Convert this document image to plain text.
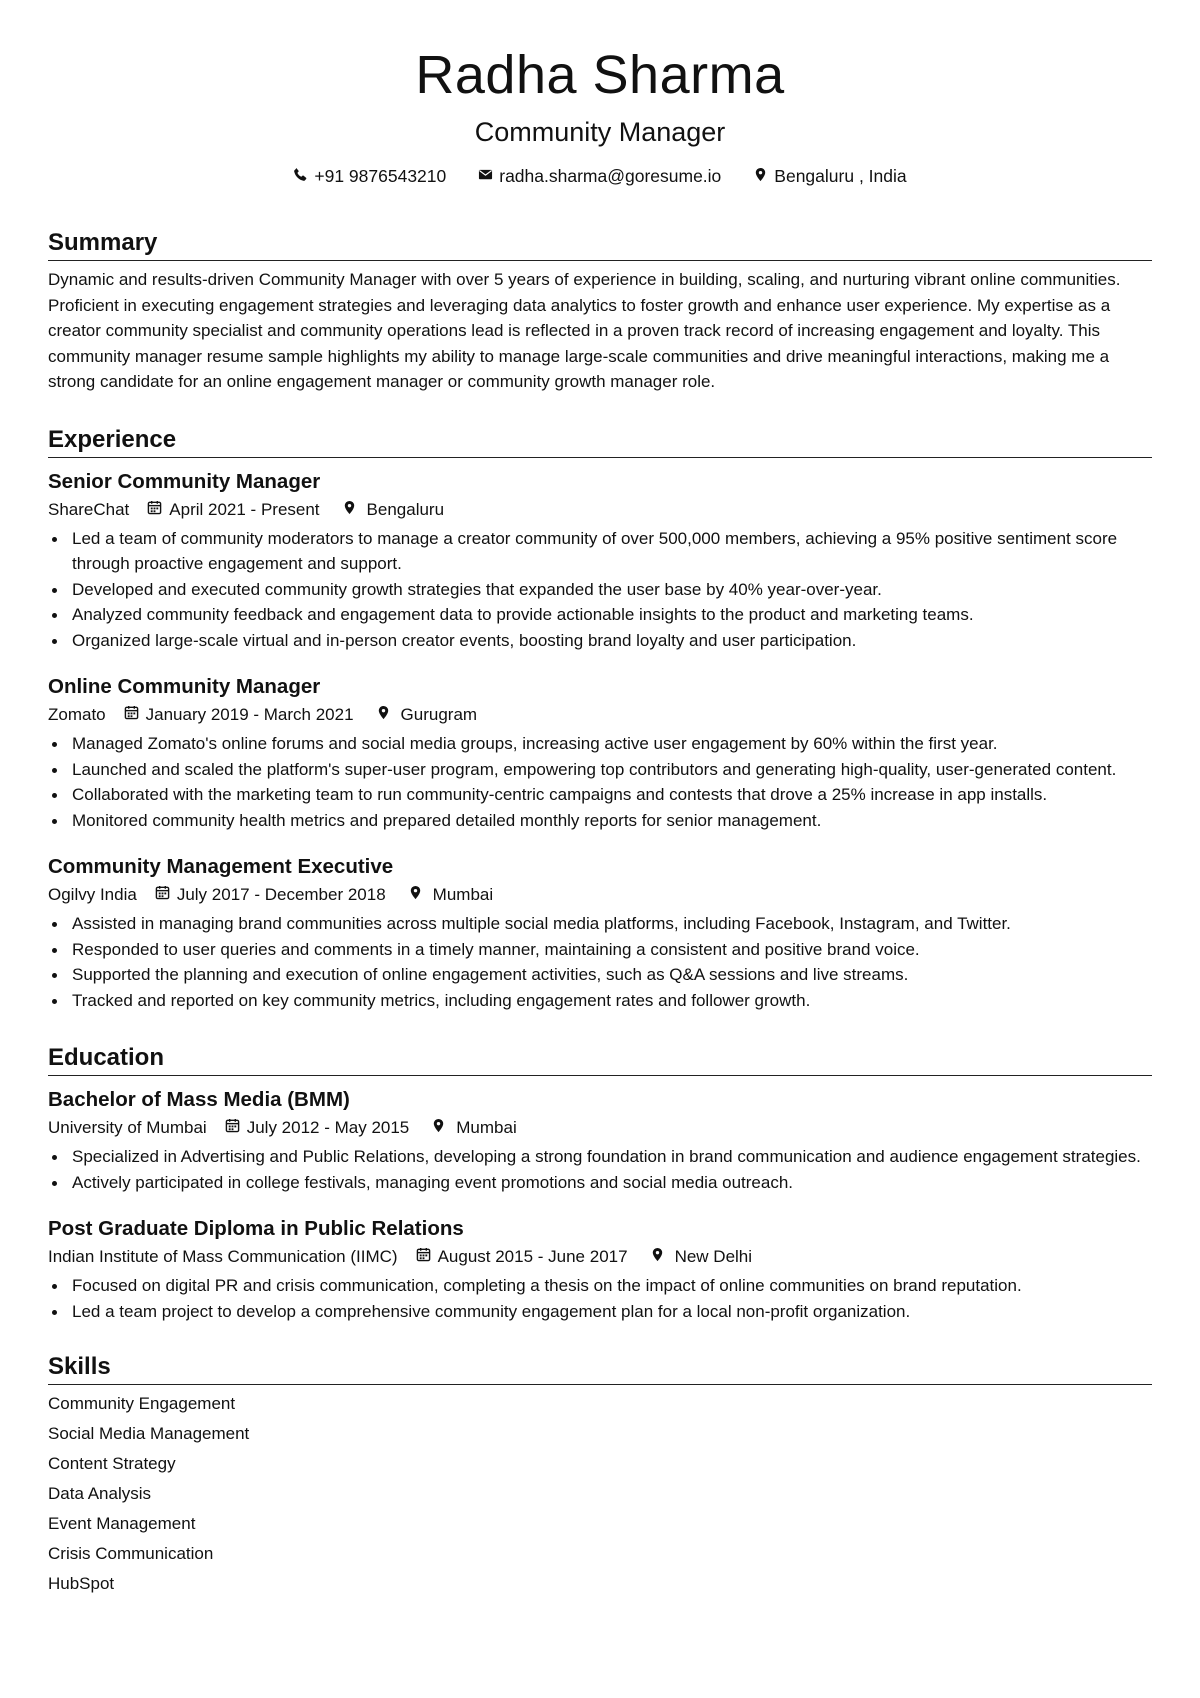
Radha Sharma
Community Manager
+91 9876543210	radha.sharma@goresume.io	Bengaluru , India
Summary

Dynamic and results-driven Community Manager with over 5 years of experience in building, scaling, and nurturing vibrant online communities. Proficient in executing engagement strategies and leveraging data analytics to foster growth and enhance user experience. My expertise as a creator community specialist and community operations lead is reflected in a proven track record of increasing engagement and loyalty. This community manager resume sample highlights my ability to manage large-scale communities and drive meaningful interactions, making me a strong candidate for an online engagement manager or community growth manager role.

Experience
Senior Community Manager
ShareChat April 2021 - Present	Bengaluru
Led a team of community moderators to manage a creator community of over 500,000 members, achieving a 95% positive sentiment score through proactive engagement and support.
Developed and executed community growth strategies that expanded the user base by 40% year-over-year.
Analyzed community feedback and engagement data to provide actionable insights to the product and marketing teams.
Organized large-scale virtual and in-person creator events, boosting brand loyalty and user participation.
Online Community Manager
Zomato January 2019 - March 2021	Gurugram
Managed Zomato's online forums and social media groups, increasing active user engagement by 60% within the first year.
Launched and scaled the platform's super-user program, empowering top contributors and generating high-quality, user-generated content.
Collaborated with the marketing team to run community-centric campaigns and contests that drove a 25% increase in app installs.
Monitored community health metrics and prepared detailed monthly reports for senior management.
Community Management Executive
Ogilvy India July 2017 - December 2018	Mumbai
Assisted in managing brand communities across multiple social media platforms, including Facebook, Instagram, and Twitter.
Responded to user queries and comments in a timely manner, maintaining a consistent and positive brand voice.
Supported the planning and execution of online engagement activities, such as Q&A sessions and live streams.
Tracked and reported on key community metrics, including engagement rates and follower growth.
Education
Bachelor of Mass Media (BMM)
University of Mumbai July 2012 - May 2015	Mumbai
Specialized in Advertising and Public Relations, developing a strong foundation in brand communication and audience engagement strategies.
Actively participated in college festivals, managing event promotions and social media outreach.
Post Graduate Diploma in Public Relations
Indian Institute of Mass Communication (IIMC) August 2015 - June 2017	New Delhi
Focused on digital PR and crisis communication, completing a thesis on the impact of online communities on brand reputation.
Led a team project to develop a comprehensive community engagement plan for a local non-profit organization.
Skills
Community Engagement
Social Media Management
Content Strategy
Data Analysis
Event Management
Crisis Communication
HubSpot
